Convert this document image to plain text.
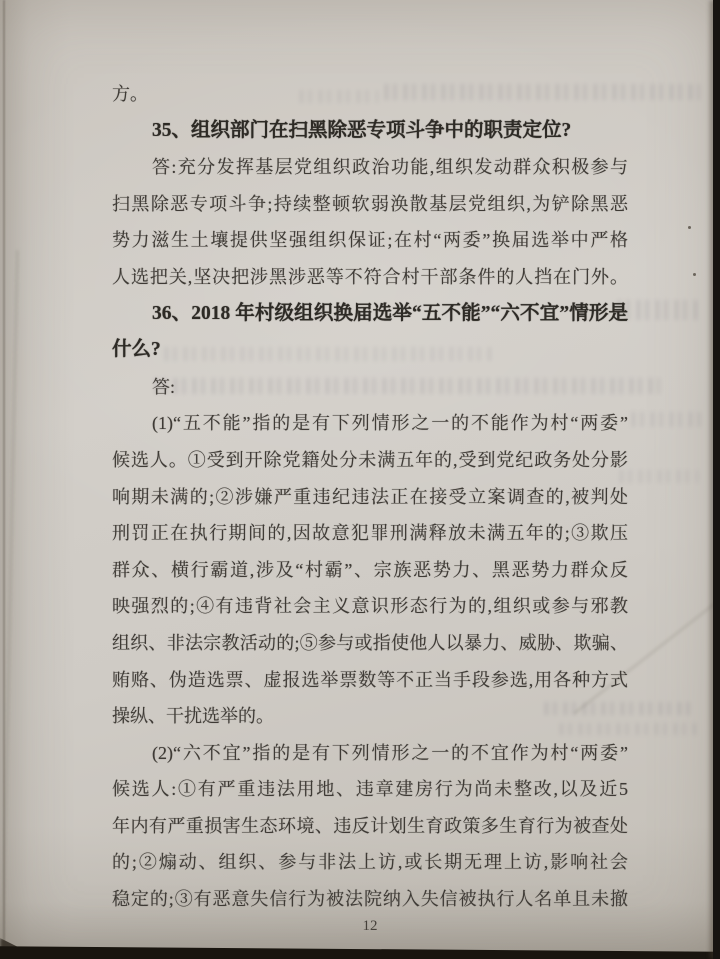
方。
35、组织部门在扫黑除恶专项斗争中的职责定位?
答:充分发挥基层党组织政治功能,组织发动群众积极参与
扫黑除恶专项斗争;持续整顿软弱涣散基层党组织,为铲除黑恶
势力滋生土壤提供坚强组织保证;在村“两委”换届选举中严格
人选把关,坚决把涉黑涉恶等不符合村干部条件的人挡在门外。
36、2018 年村级组织换届选举“五不能”“六不宜”情形是
什么?
答:
(1)“五不能”指的是有下列情形之一的不能作为村“两委”
候选人。①受到开除党籍处分未满五年的,受到党纪政务处分影
响期未满的;②涉嫌严重违纪违法正在接受立案调查的,被判处
刑罚正在执行期间的,因故意犯罪刑满释放未满五年的;③欺压
群众、横行霸道,涉及“村霸”、宗族恶势力、黑恶势力群众反
映强烈的;④有违背社会主义意识形态行为的,组织或参与邪教
组织、非法宗教活动的;⑤参与或指使他人以暴力、威胁、欺骗、
贿赂、伪造选票、虚报选举票数等不正当手段参选,用各种方式
操纵、干扰选举的。
(2)“六不宜”指的是有下列情形之一的不宜作为村“两委”
候选人:①有严重违法用地、违章建房行为尚未整改,以及近5
年内有严重损害生态环境、违反计划生育政策多生育行为被查处
的;②煽动、组织、参与非法上访,或长期无理上访,影响社会
稳定的;③有恶意失信行为被法院纳入失信被执行人名单且未撤
12
